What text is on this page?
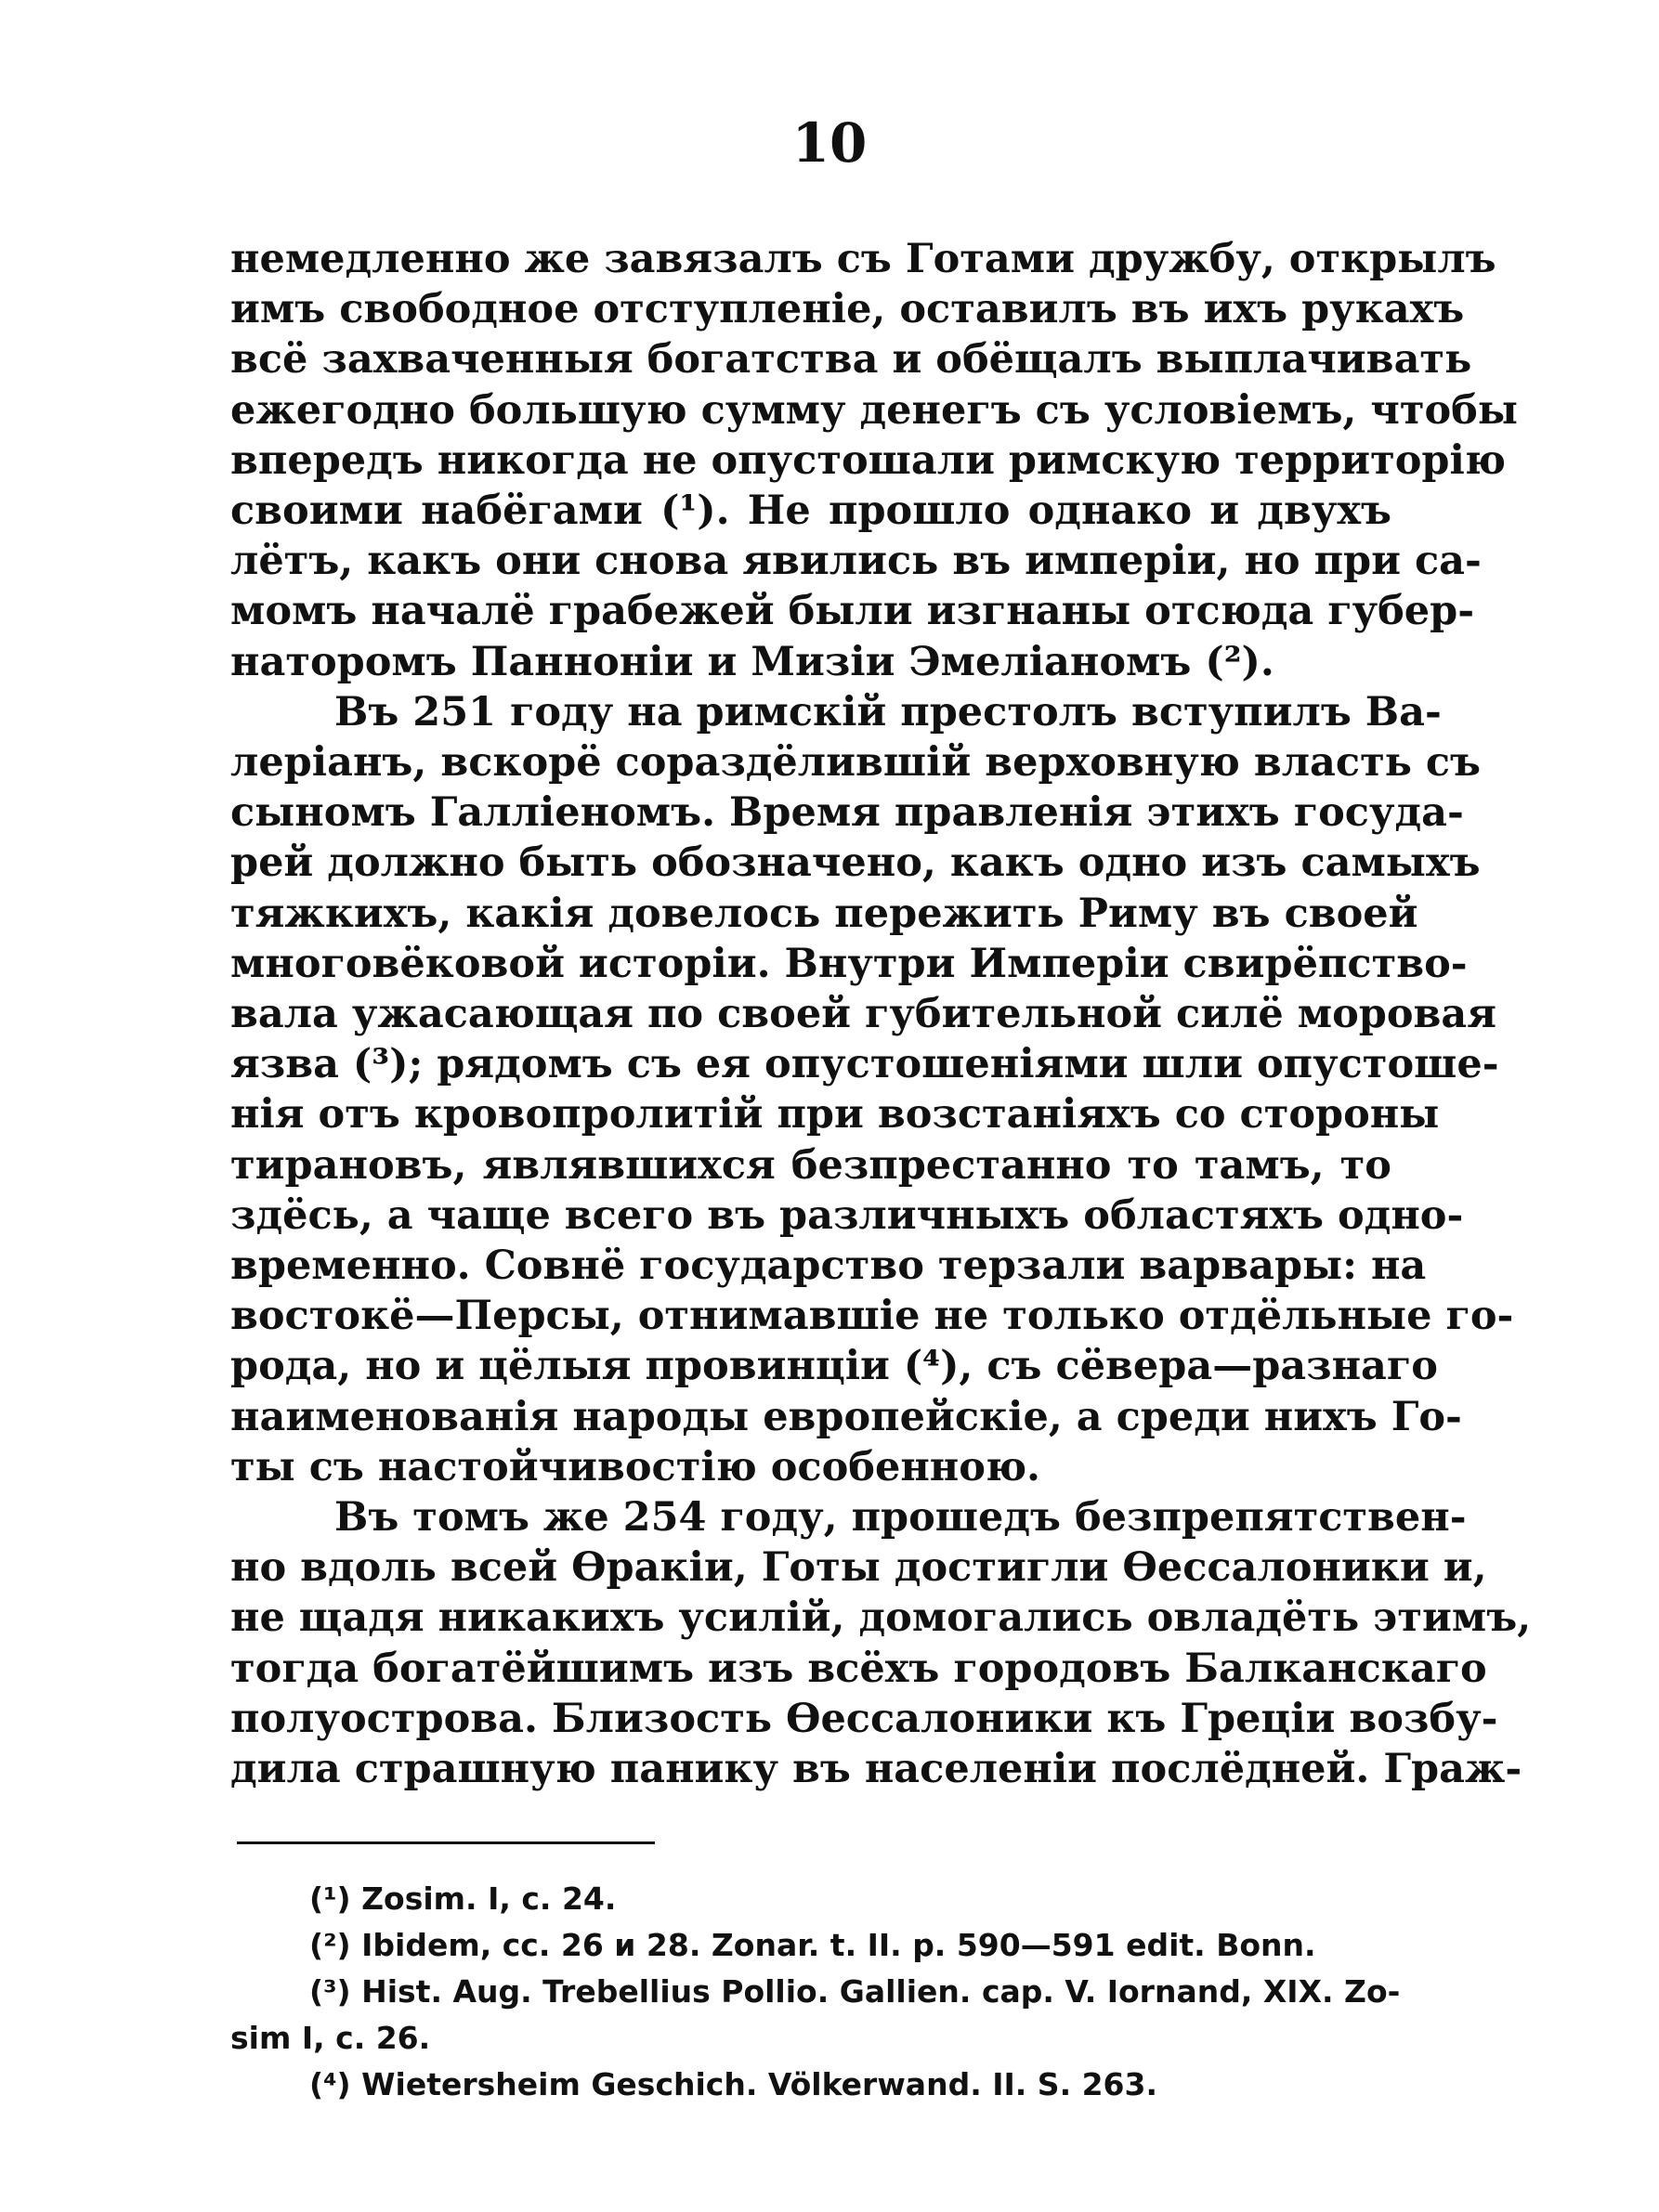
10
немедленно же завязалъ съ Готами дружбу, открылъ
имъ свободное отступленіе, оставилъ въ ихъ рукахъ
всё захваченныя богатства и обёщалъ выплачивать
ежегодно большую сумму денегъ съ условіемъ, чтобы
впередъ никогда не опустошали римскую территорію
своими набёгами (¹). Не прошло однако и двухъ
лётъ, какъ они снова явились въ имперіи, но при са-
момъ началё грабежей были изгнаны отсюда губер-
наторомъ Панноніи и Мизіи Эмеліаномъ (²).
Въ 251 году на римскій престолъ вступилъ Ва-
леріанъ, вскорё сораздёлившій верховную власть съ
сыномъ Галліеномъ. Время правленія этихъ госуда-
рей должно быть обозначено, какъ одно изъ самыхъ
тяжкихъ, какія довелось пережить Риму въ своей
многовёковой исторіи. Внутри Имперіи свирёпство-
вала ужасающая по своей губительной силё моровая
язва (³); рядомъ съ ея опустошеніями шли опустоше-
нія отъ кровопролитій при возстаніяхъ со стороны
тирановъ, являвшихся безпрестанно то тамъ, то
здёсь, а чаще всего въ различныхъ областяхъ одно-
временно. Совнё государство терзали варвары: на
востокё—Персы, отнимавшіе не только отдёльные го-
рода, но и цёлыя провинціи (⁴), съ сёвера—разнаго
наименованія народы европейскіе, а среди нихъ Го-
ты съ настойчивостію особенною.
Въ томъ же 254 году, прошедъ безпрепятствен-
но вдоль всей Өракіи, Готы достигли Өессалоники и,
не щадя никакихъ усилій, домогались овладёть этимъ,
тогда богатёйшимъ изъ всёхъ городовъ Балканскаго
полуострова. Близость Өессалоники къ Греціи возбу-
дила страшную панику въ населеніи послёдней. Граж-
(¹) Zosim. I, c. 24.
(²) Ibidem, cc. 26 и 28. Zonar. t. II. p. 590—591 edit. Bonn.
(³) Hist. Aug. Trebellius Pollio. Gallien. cap. V. Iornand, XIX. Zo-
sim I, c. 26.
(⁴) Wietersheim Geschich. Völkerwand. II. S. 263.
